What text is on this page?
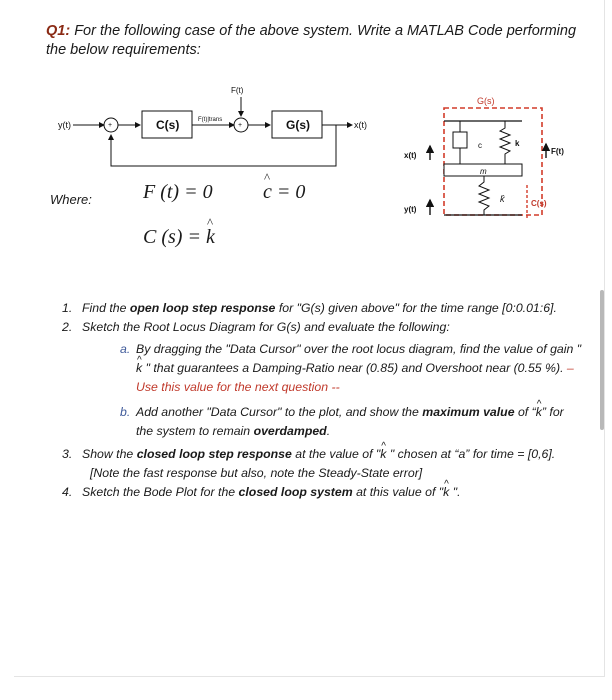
Q1: For the following case of the above system. Write a MATLAB Code performing the below requirements:
y(t)	+	C(s)	F(t)|trans
+
F(t)
G(s)	x(t)
G(s)
c	k
m
k̂	C(s)
x(t)
y(t)
F(t)
Where:	F (t) = 0	^ c = 0
C (s) = ^ k
1. Find the open loop step response for "G(s) given above" for the time range [0:0.01:6].
2. Sketch the Root Locus Diagram for G(s) and evaluate the following:
a. By dragging the "Data Cursor" over the root locus diagram, find the value of gain "^ k " that guarantees a Damping-Ratio near (0.85) and Overshoot near (0.55 %). – Use this value for the next question --
b. Add another "Data Cursor" to the plot, and show the maximum value of “^ k” for the system to remain overdamped.
3. Show the closed loop step response at the value of "^ k " chosen at “a” for time = [0,6].
[Note the fast response but also, note the Steady-State error]
4. Sketch the Bode Plot for the closed loop system at this value of "^ k ".
